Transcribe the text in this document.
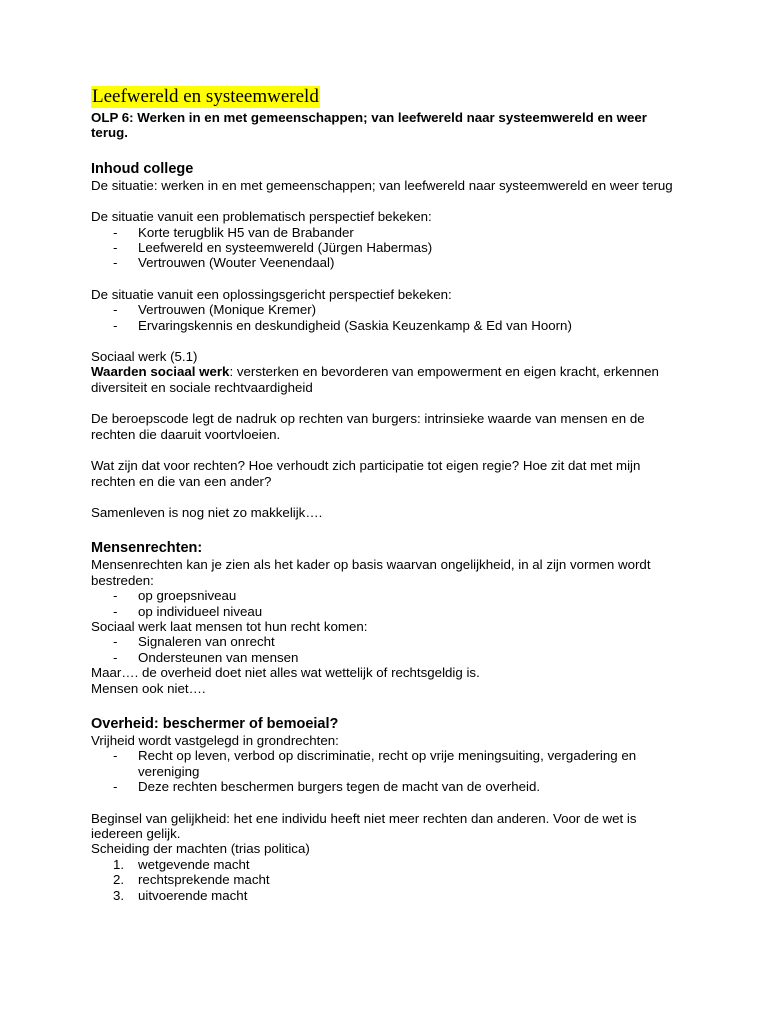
Leefwereld en systeemwereld
OLP 6: Werken in en met gemeenschappen; van leefwereld naar systeemwereld en weer terug.
Inhoud college

De situatie: werken in en met gemeenschappen; van leefwereld naar systeemwereld en weer terug

De situatie vanuit een problematisch perspectief bekeken:

- Korte terugblik H5 van de Brabander
- Leefwereld en systeemwereld (Jürgen Habermas)
- Vertrouwen (Wouter Veenendaal)

De situatie vanuit een oplossingsgericht perspectief bekeken:

- Vertrouwen (Monique Kremer)
- Ervaringskennis en deskundigheid (Saskia Keuzenkamp & Ed van Hoorn)

Sociaal werk (5.1)

Waarden sociaal werk: versterken en bevorderen van empowerment en eigen kracht, erkennen diversiteit en sociale rechtvaardigheid

De beroepscode legt de nadruk op rechten van burgers: intrinsieke waarde van mensen en de rechten die daaruit voortvloeien.

Wat zijn dat voor rechten? Hoe verhoudt zich participatie tot eigen regie? Hoe zit dat met mijn rechten en die van een ander?

Samenleven is nog niet zo makkelijk….

Mensenrechten:

Mensenrechten kan je zien als het kader op basis waarvan ongelijkheid, in al zijn vormen wordt bestreden:

- op groepsniveau
- op individueel niveau

Sociaal werk laat mensen tot hun recht komen:

- Signaleren van onrecht
- Ondersteunen van mensen

Maar…. de overheid doet niet alles wat wettelijk of rechtsgeldig is.

Mensen ook niet….

Overheid: beschermer of bemoeial?

Vrijheid wordt vastgelegd in grondrechten:

- Recht op leven, verbod op discriminatie, recht op vrije meningsuiting, vergadering en vereniging
- Deze rechten beschermen burgers tegen de macht van de overheid.

Beginsel van gelijkheid: het ene individu heeft niet meer rechten dan anderen. Voor de wet is iedereen gelijk.

Scheiding der machten (trias politica)

1. wetgevende macht
2. rechtsprekende macht
3. uitvoerende macht
